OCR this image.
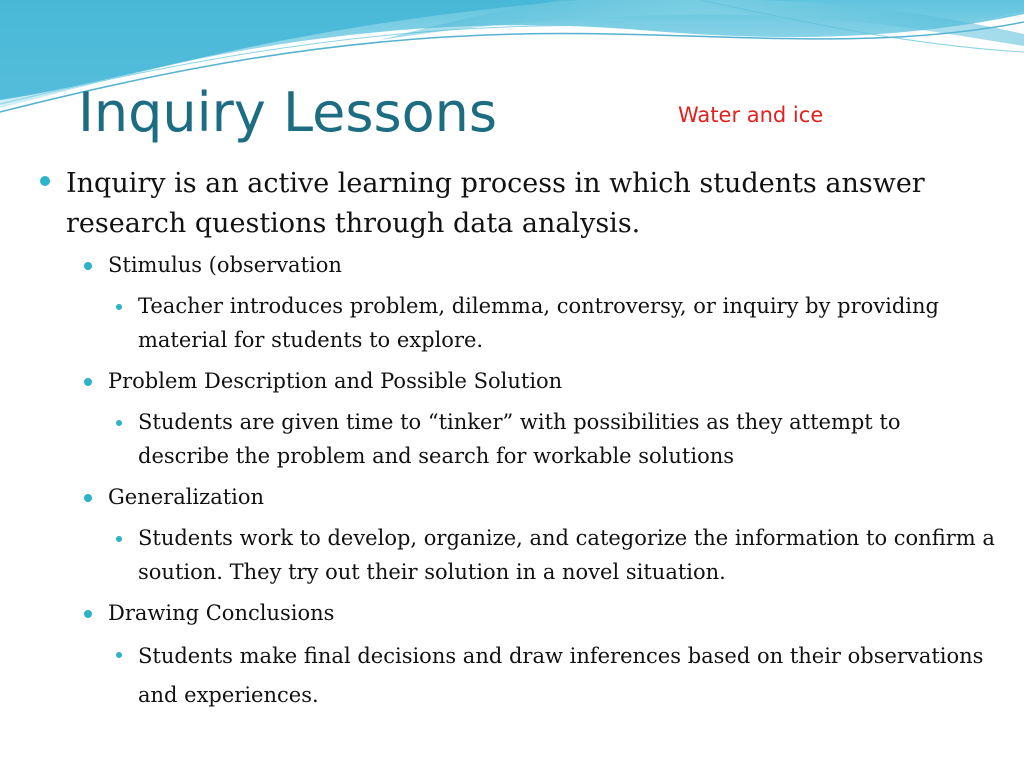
Inquiry Lessons	Water and ice

Inquiry is an active learning process in which students answer research questions through data analysis.

Stimulus (observation

Teacher introduces problem, dilemma, controversy, or inquiry by providing material for students to explore.

Problem Description and Possible Solution

Students are given time to “tinker” with possibilities as they attempt to describe the problem and search for workable solutions

Generalization

Students work to develop, organize, and categorize the information to confirm a soution. They try out their solution in a novel situation.

Drawing Conclusions

Students make final decisions and draw inferences based on their observations and experiences.
